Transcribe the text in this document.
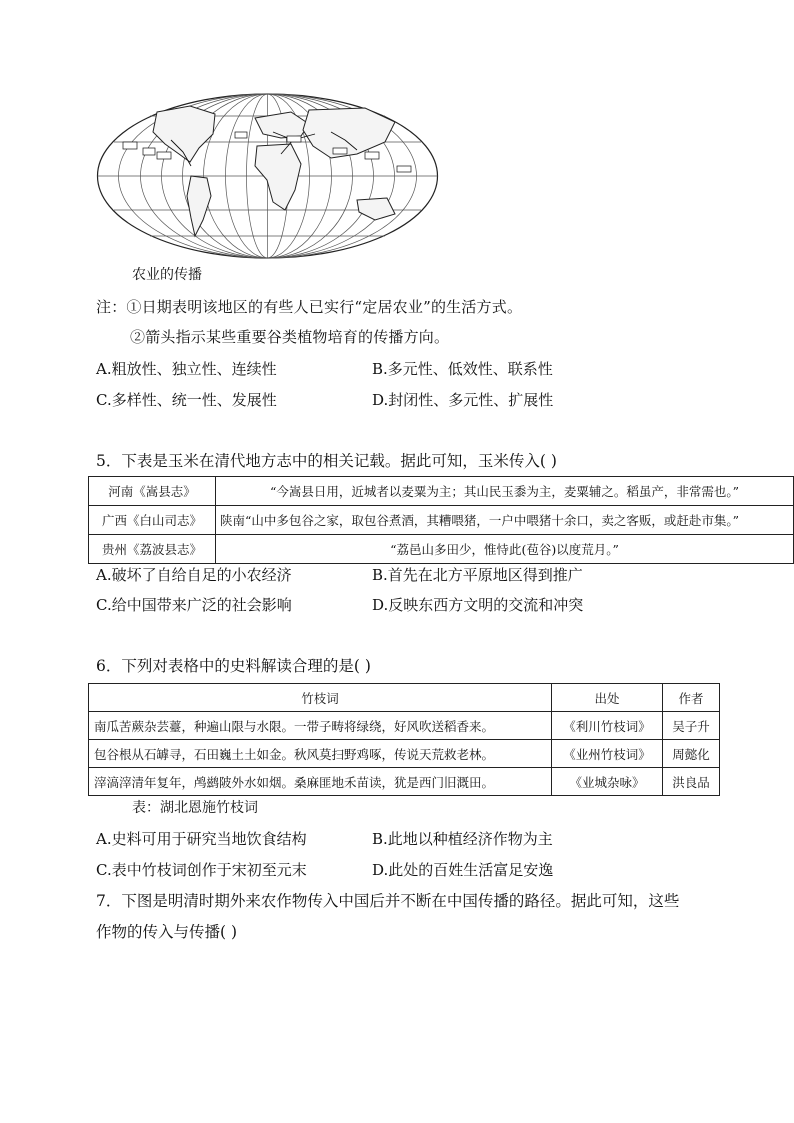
农业的传播
注：①日期表明该地区的有些人已实行“定居农业”的生活方式。
②箭头指示某些重要谷类植物培育的传播方向。
A.粗放性、独立性、连续性	B.多元性、低效性、联系性
C.多样性、统一性、发展性	D.封闭性、多元性、扩展性
5．下表是玉米在清代地方志中的相关记载。据此可知，玉米传入( )
河南《嵩县志》	“今嵩县日用，近城者以麦粟为主；其山民玉黍为主，麦粟辅之。稻虽产，非常需也。”
广西《白山司志》	陕南“山中多包谷之家，取包谷煮酒，其糟喂猪，一户中喂猪十余口，卖之客贩，或赶赴市集。”
贵州《荔波县志》	“荔邑山多田少，惟恃此(苞谷)以度荒月。”
A.破坏了自给自足的小农经济	B.首先在北方平原地区得到推广
C.给中国带来广泛的社会影响	D.反映东西方文明的交流和冲突
6．下列对表格中的史料解读合理的是( )
竹枝词	出处	作者
南瓜苦蕨杂芸薹，种遍山限与水限。一带子畴将绿绕，好风吹送稻香来。	《利川竹枝词》	吴子升
包谷根从石罅寻，石田巍土土如金。秋风莫扫野鸡啄，传说天荒救老林。	《业州竹枝词》	周懿化
滓滈滓清年复年，鸬鹚陂外水如烟。桑麻匪地禾苗读，犹是西门旧溉田。	《业城杂咏》	洪良品
表：湖北恩施竹枝词
A.史料可用于研究当地饮食结构	B.此地以种植经济作物为主
C.表中竹枝词创作于宋初至元末	D.此处的百姓生活富足安逸
7．下图是明清时期外来农作物传入中国后并不断在中国传播的路径。据此可知，这些
作物的传入与传播( )
